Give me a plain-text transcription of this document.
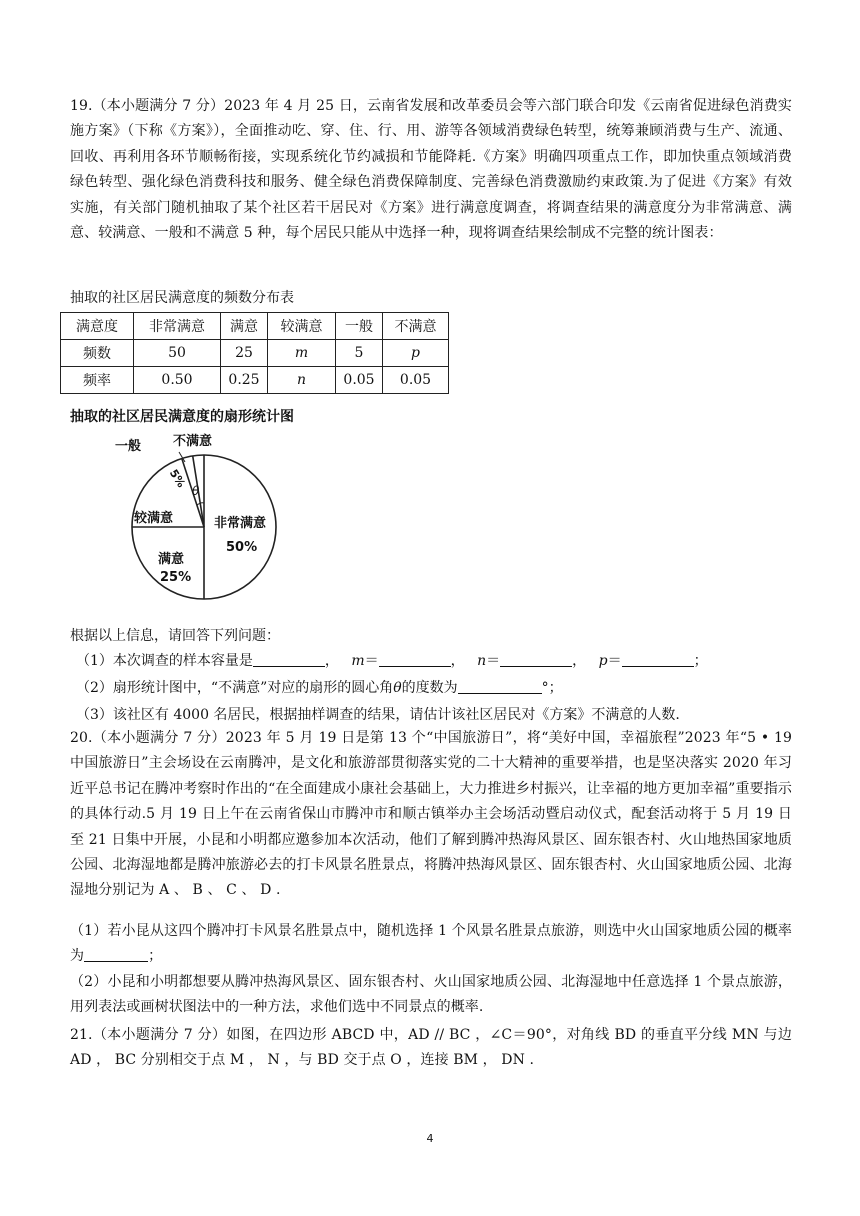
19.（本小题满分 7 分）2023 年 4 月 25 日，云南省发展和改革委员会等六部门联合印发《云南省促进绿色消费实施方案》（下称《方案》），全面推动吃、穿、住、行、用、游等各领域消费绿色转型，统筹兼顾消费与生产、流通、回收、再利用各环节顺畅衔接，实现系统化节约减损和节能降耗.《方案》明确四项重点工作，即加快重点领域消费绿色转型、强化绿色消费科技和服务、健全绿色消费保障制度、完善绿色消费激励约束政策.为了促进《方案》有效实施，有关部门随机抽取了某个社区若干居民对《方案》进行满意度调查，将调查结果的满意度分为非常满意、满意、较满意、一般和不满意 5 种，每个居民只能从中选择一种，现将调查结果绘制成不完整的统计图表：
抽取的社区居民满意度的频数分布表
满意度	非常满意	满意	较满意	一般	不满意
频数	50	25	m	5	p
频率	0.50	0.25	n	0.05	0.05
抽取的社区居民满意度的扇形统计图
一般 不满意
5%
θ
较满意	非常满意
50%
满意
25%
根据以上信息，请回答下列问题：
（1）本次调查的样本容量是	， m＝	， n＝	， p＝	；
（2）扇形统计图中，“不满意”对应的扇形的圆心角θ的度数为	°；
（3）该社区有 4000 名居民，根据抽样调查的结果，请估计该社区居民对《方案》不满意的人数.
20.（本小题满分 7 分）2023 年 5 月 19 日是第 13 个“中国旅游日”，将“美好中国，幸福旅程”2023 年“5 • 19 中国旅游日”主会场设在云南腾冲，是文化和旅游部贯彻落实党的二十大精神的重要举措，也是坚决落实 2020 年习近平总书记在腾冲考察时作出的“在全面建成小康社会基础上，大力推进乡村振兴，让幸福的地方更加幸福”重要指示的具体行动.5 月 19 日上午在云南省保山市腾冲市和顺古镇举办主会场活动暨启动仪式，配套活动将于 5 月 19 日至 21 日集中开展，小昆和小明都应邀参加本次活动，他们了解到腾冲热海风景区、固东银杏村、火山地热国家地质公园、北海湿地都是腾冲旅游必去的打卡风景名胜景点，将腾冲热海风景区、固东银杏村、火山国家地质公园、北海湿地分别记为 A 、 B 、 C 、 D .
（1）若小昆从这四个腾冲打卡风景名胜景点中，随机选择 1 个风景名胜景点旅游，则选中火山国家地质公园的概率为	；
（2）小昆和小明都想要从腾冲热海风景区、固东银杏村、火山国家地质公园、北海湿地中任意选择 1 个景点旅游，用列表法或画树状图法中的一种方法，求他们选中不同景点的概率.
21.（本小题满分 7 分）如图，在四边形 ABCD 中，AD // BC ，∠C＝90°，对角线 BD 的垂直平分线 MN 与边 AD ， BC 分别相交于点 M ， N ，与 BD 交于点 O ，连接 BM ， DN .
4
